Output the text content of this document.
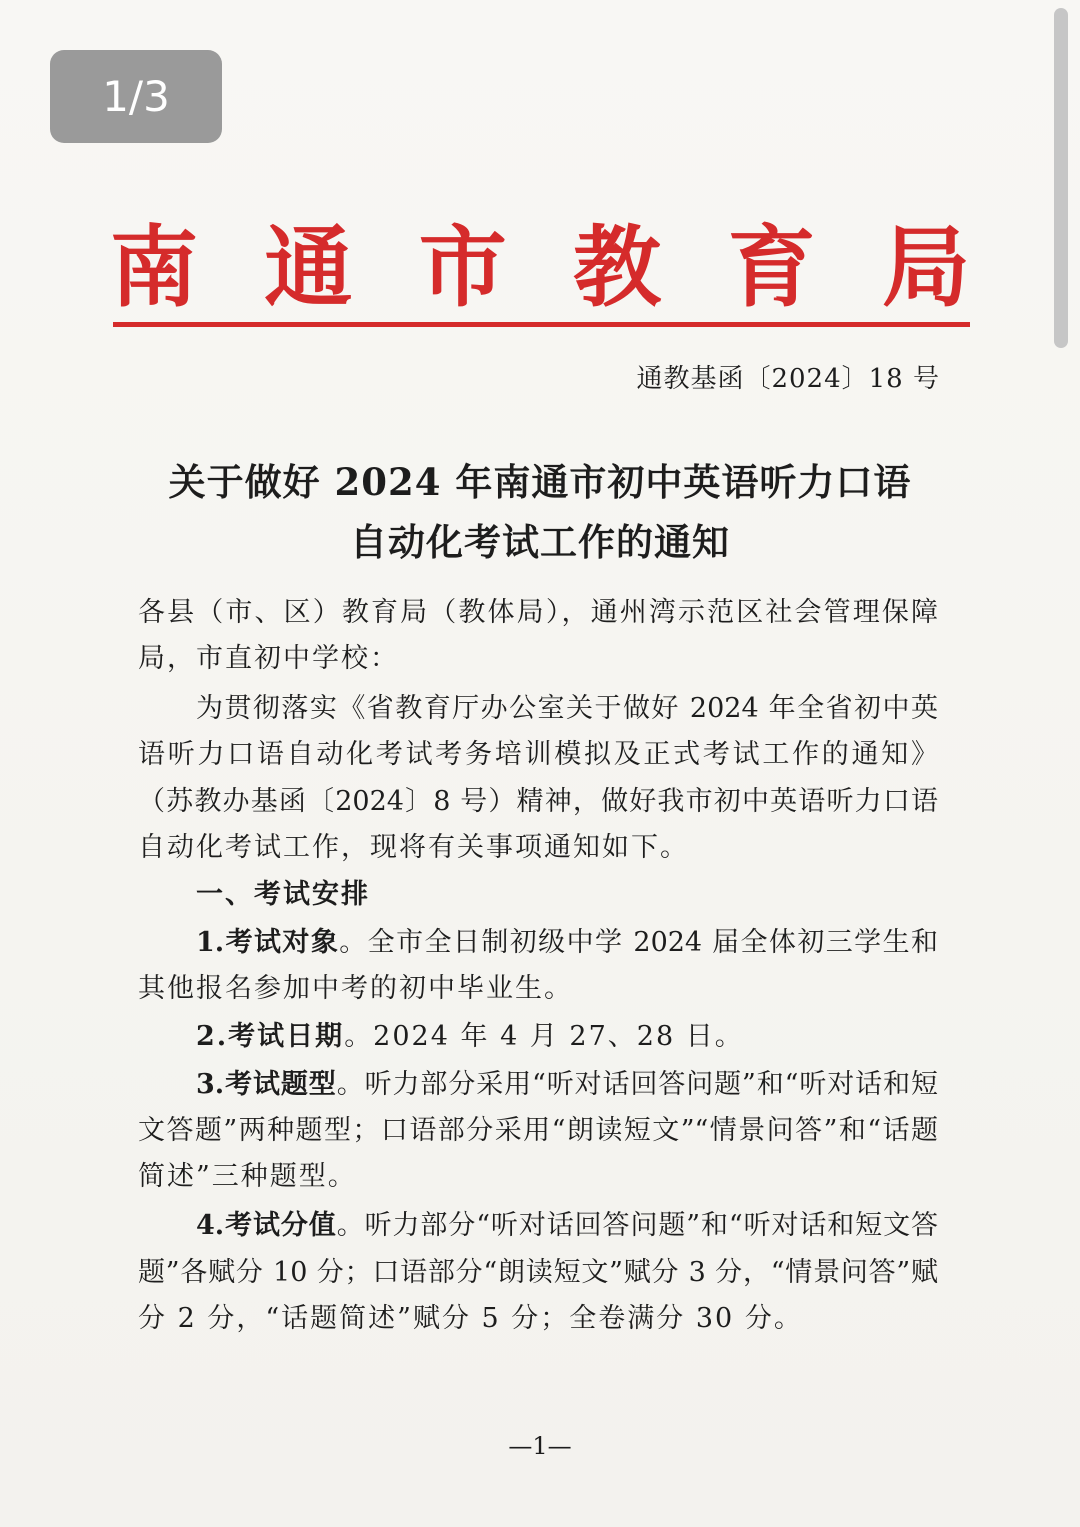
1/3
南 通 市 教 育 局
通教基函〔2024〕18 号
关于做好 2024 年南通市初中英语听力口语
自动化考试工作的通知
各县（市、区）教育局（教体局），通州湾示范区社会管理保障
局，市直初中学校：
为贯彻落实《省教育厅办公室关于做好 2024 年全省初中英
语听力口语自动化考试考务培训模拟及正式考试工作的通知》
（苏教办基函〔2024〕8 号）精神，做好我市初中英语听力口语
自动化考试工作，现将有关事项通知如下。
一、考试安排
1.考试对象。全市全日制初级中学 2024 届全体初三学生和
其他报名参加中考的初中毕业生。
2.考试日期。2024 年 4 月 27、28 日。
3.考试题型。听力部分采用“听对话回答问题”和“听对话和短
文答题”两种题型；口语部分采用“朗读短文”“情景问答”和“话题
简述”三种题型。
4.考试分值。听力部分“听对话回答问题”和“听对话和短文答
题”各赋分 10 分；口语部分“朗读短文”赋分 3 分，“情景问答”赋
分 2 分，“话题简述”赋分 5 分；全卷满分 30 分。
—1—
